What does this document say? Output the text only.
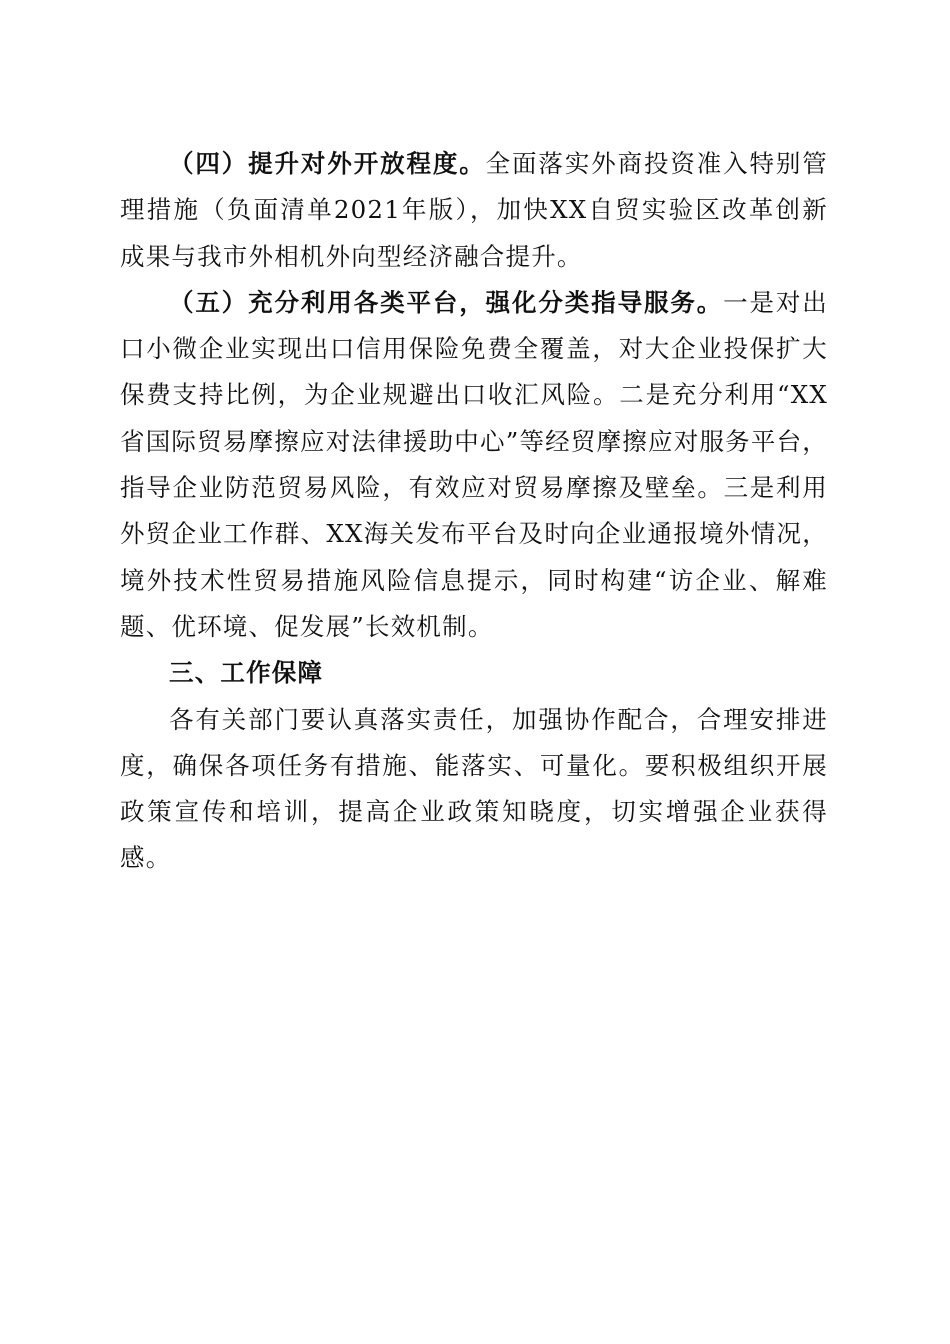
（四）提升对外开放程度。全面落实外商投资准入特别管理措施（负面清单2021年版），加快XX自贸实验区改革创新成果与我市外相机外向型经济融合提升。

（五）充分利用各类平台，强化分类指导服务。一是对出口小微企业实现出口信用保险免费全覆盖，对大企业投保扩大保费支持比例，为企业规避出口收汇风险。二是充分利用“XX省国际贸易摩擦应对法律援助中心”等经贸摩擦应对服务平台，指导企业防范贸易风险，有效应对贸易摩擦及壁垒。三是利用外贸企业工作群、XX海关发布平台及时向企业通报境外情况，境外技术性贸易措施风险信息提示，同时构建“访企业、解难题、优环境、促发展”长效机制。

三、工作保障

各有关部门要认真落实责任，加强协作配合，合理安排进度，确保各项任务有措施、能落实、可量化。要积极组织开展政策宣传和培训，提高企业政策知晓度，切实增强企业获得感。
